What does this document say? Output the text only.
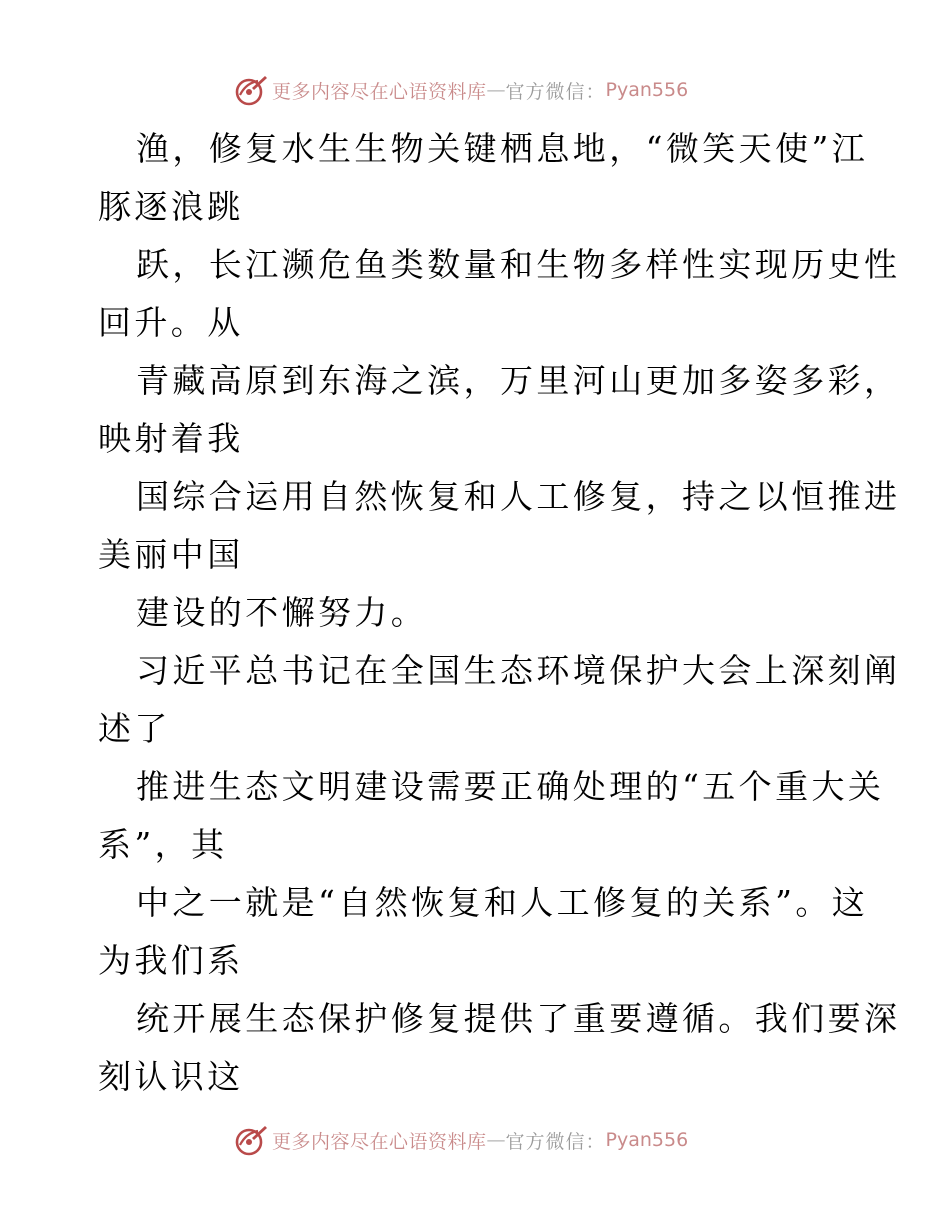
更多内容尽在心语资料库 — 官方微信： Pyan556
渔，修复水生生物关键栖息地，“微笑天使”江
豚逐浪跳
跃，长江濒危鱼类数量和生物多样性实现历史性
回升。从
青藏高原到东海之滨，万里河山更加多姿多彩，
映射着我
国综合运用自然恢复和人工修复，持之以恒推进
美丽中国
建设的不懈努力。
习近平总书记在全国生态环境保护大会上深刻阐
述了
推进生态文明建设需要正确处理的“五个重大关
系”，其
中之一就是“自然恢复和人工修复的关系”。这
为我们系
统开展生态保护修复提供了重要遵循。我们要深
刻认识这
更多内容尽在心语资料库 — 官方微信： Pyan556
